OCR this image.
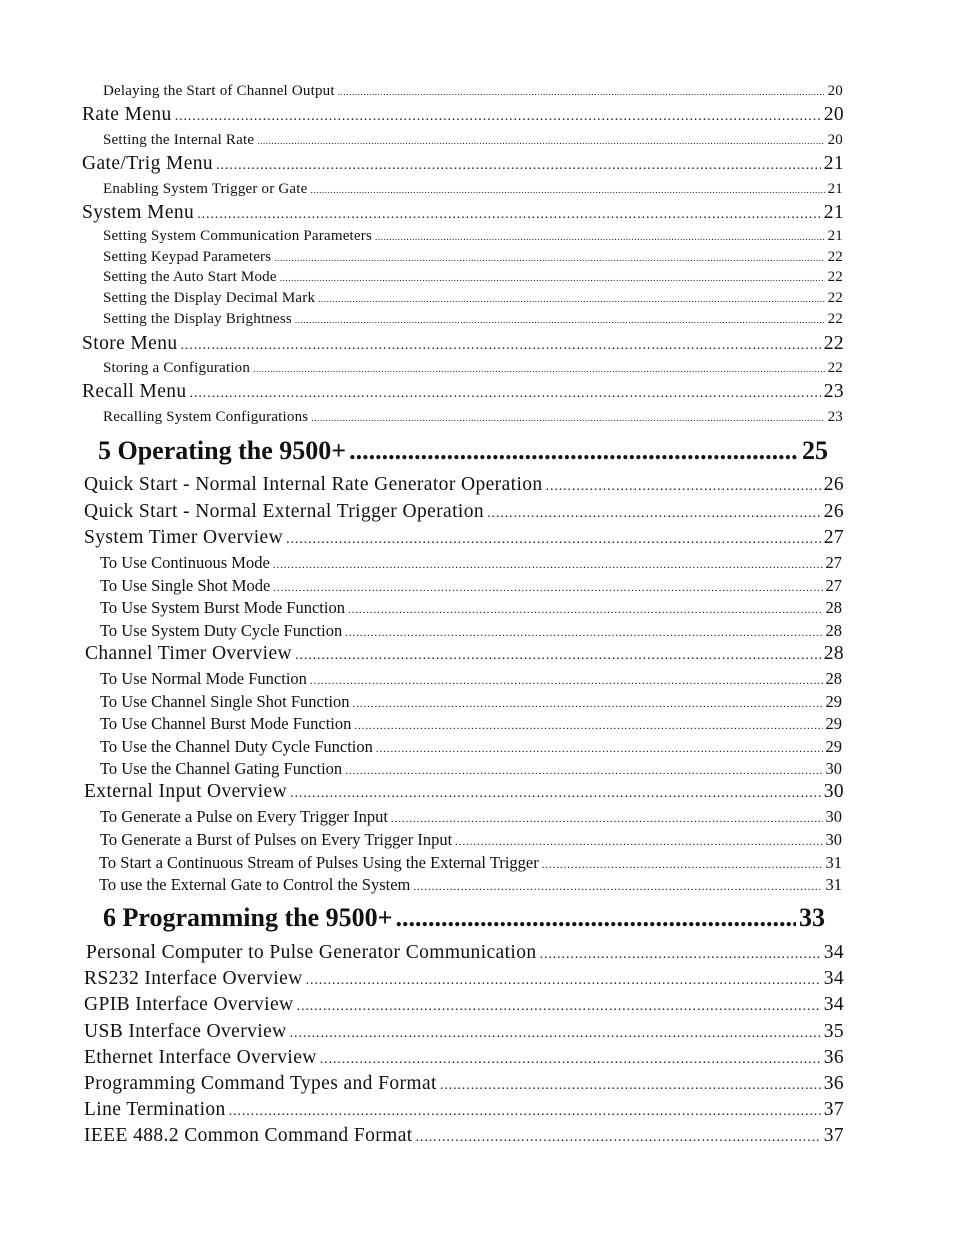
Delaying the Start of Channel Output .....	20
Rate Menu .....	20
Setting the Internal Rate .....	20
Gate/Trig Menu .....	21
Enabling System Trigger or Gate .....	21
System Menu .....	21
Setting System Communication Parameters .....	21
Setting Keypad Parameters .....	22
Setting the Auto Start Mode .....	22
Setting the Display Decimal Mark .....	22
Setting the Display Brightness .....	22
Store Menu .....	22
Storing a Configuration .....	22
Recall Menu .....	23
Recalling System Configurations .....	23
5 Operating the 9500+ .....	25
Quick Start - Normal Internal Rate Generator Operation .....	26
Quick Start - Normal External Trigger Operation .....	26
System Timer Overview .....	27
To Use Continuous Mode .....	27
To Use Single Shot Mode .....	27
To Use System Burst Mode Function .....	28
To Use System Duty Cycle Function .....	28
Channel Timer Overview .....	28
To Use Normal Mode Function .....	28
To Use Channel Single Shot Function .....	29
To Use Channel Burst Mode Function .....	29
To Use the Channel Duty Cycle Function .....	29
To Use the Channel Gating Function .....	30
External Input Overview .....	30
To Generate a Pulse on Every Trigger Input .....	30
To Generate a Burst of Pulses on Every Trigger Input .....	30
To Start a Continuous Stream of Pulses Using the External Trigger .....	31
To use the External Gate to Control the System .....	31
6 Programming the 9500+ .....	33
Personal Computer to Pulse Generator Communication .....	34
RS232 Interface Overview .....	34
GPIB Interface Overview .....	34
USB Interface Overview .....	35
Ethernet Interface Overview .....	36
Programming Command Types and Format .....	36
Line Termination .....	37
IEEE 488.2 Common Command Format .....	37
